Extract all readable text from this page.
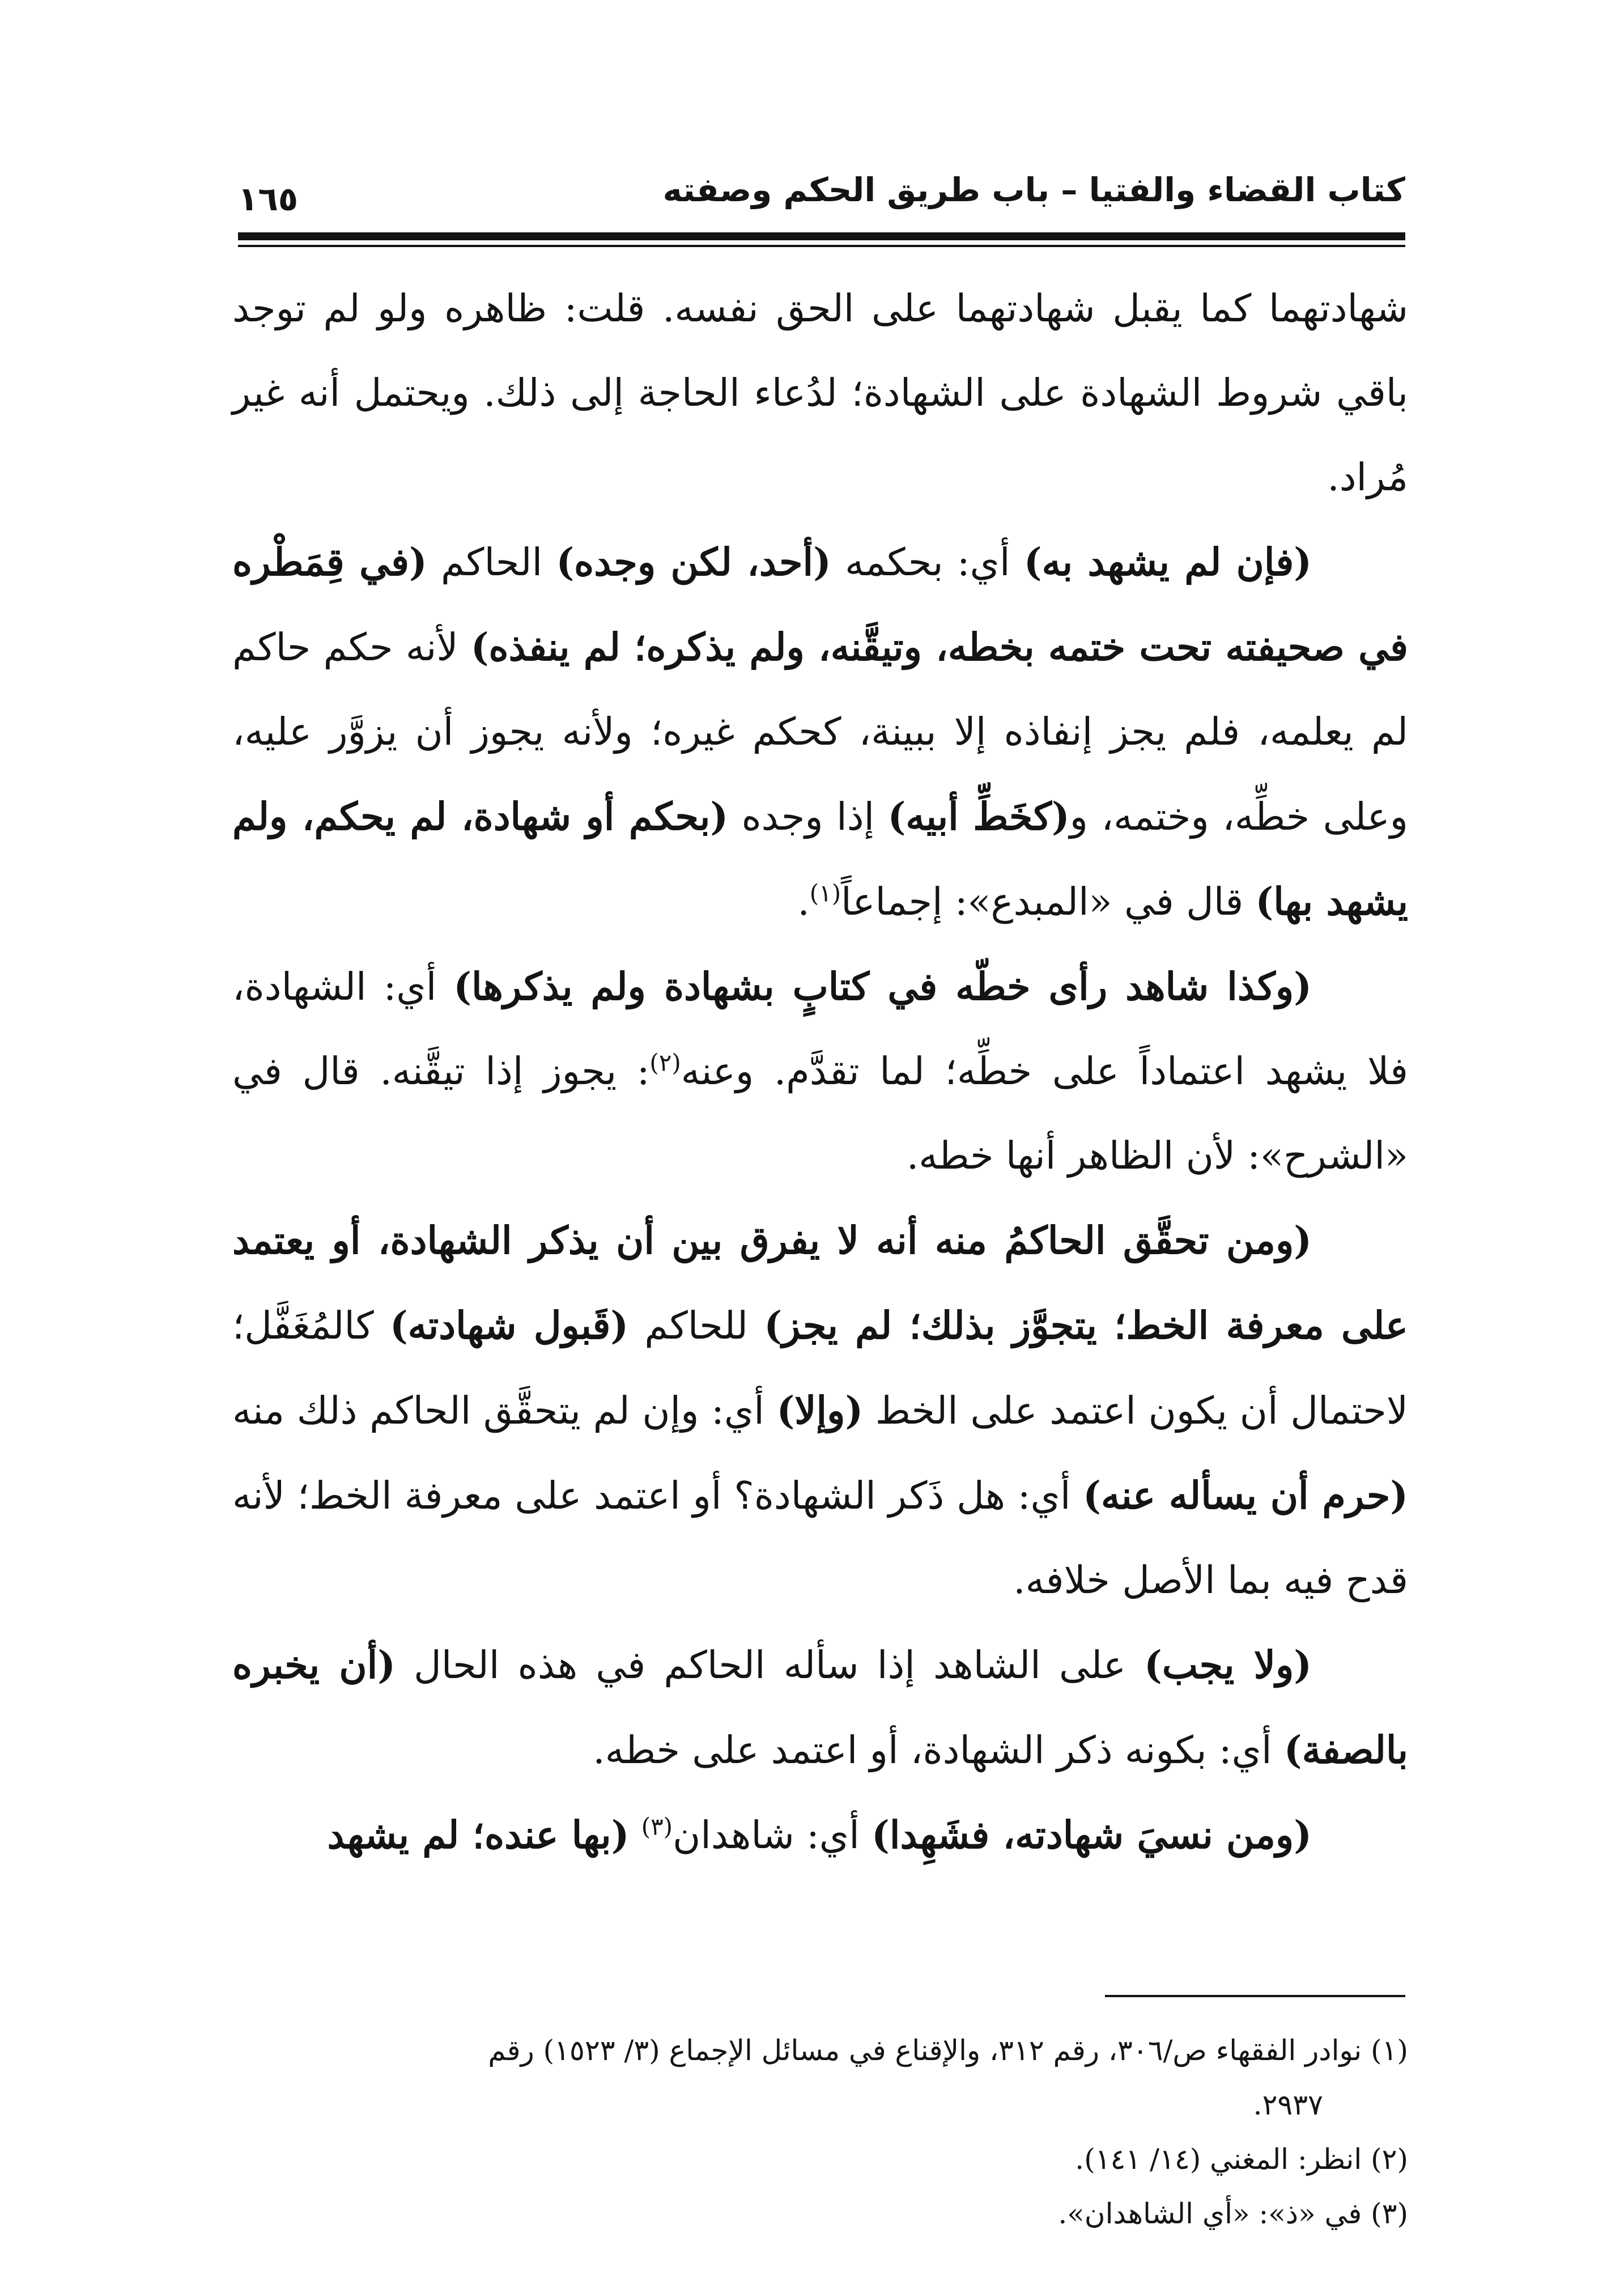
كتاب القضاء والفتيا – باب طريق الحكم وصفته
١٦٥

شهادتهما كما يقبل شهادتهما على الحق نفسه. قلت: ظاهره ولو لم توجد باقي شروط الشهادة على الشهادة؛ لدُعاء الحاجة إلى ذلك. ويحتمل أنه غير مُراد.

(فإن لم يشهد به) أي: بحكمه (أحد، لكن وجده) الحاكم (في قِمَطْره في صحيفته تحت ختمه بخطه، وتيقَّنه، ولم يذكره؛ لم ينفذه) لأنه حكم حاكم لم يعلمه، فلم يجز إنفاذه إلا ببينة، كحكم غيره؛ ولأنه يجوز أن يزوَّر عليه، وعلى خطِّه، وختمه، و(كخَطِّ أبيه) إذا وجده (بحكم أو شهادة، لم يحكم، ولم يشهد بها) قال في «المبدع»: إجماعاً$^{(١)}$.

(وكذا شاهد رأى خطّه في كتابٍ بشهادة ولم يذكرها) أي: الشهادة، فلا يشهد اعتماداً على خطِّه؛ لما تقدَّم. وعنه$^{(٢)}$: يجوز إذا تيقَّنه. قال في «الشرح»: لأن الظاهر أنها خطه.

(ومن تحقَّق الحاكمُ منه أنه لا يفرق بين أن يذكر الشهادة، أو يعتمد على معرفة الخط؛ يتجوَّز بذلك؛ لم يجز) للحاكم (قَبول شهادته) كالمُغَفَّل؛ لاحتمال أن يكون اعتمد على الخط (وإلا) أي: وإن لم يتحقَّق الحاكم ذلك منه (حرم أن يسأله عنه) أي: هل ذَكر الشهادة؟ أو اعتمد على معرفة الخط؛ لأنه قدح فيه بما الأصل خلافه.

(ولا يجب) على الشاهد إذا سأله الحاكم في هذه الحال (أن يخبره بالصفة) أي: بكونه ذكر الشهادة، أو اعتمد على خطه.

(ومن نسيَ شهادته، فشَهِدا) أي: شاهدان$^{(٣)}$ (بها عنده؛ لم يشهد

(١) نوادر الفقهاء ص/٣٠٦، رقم ٣١٢، والإقناع في مسائل الإجماع (٣/ ١٥٢٣) رقم

٢٩٣٧.

(٢) انظر: المغني (١٤/ ١٤١).

(٣) في «ذ»: «أي الشاهدان».
